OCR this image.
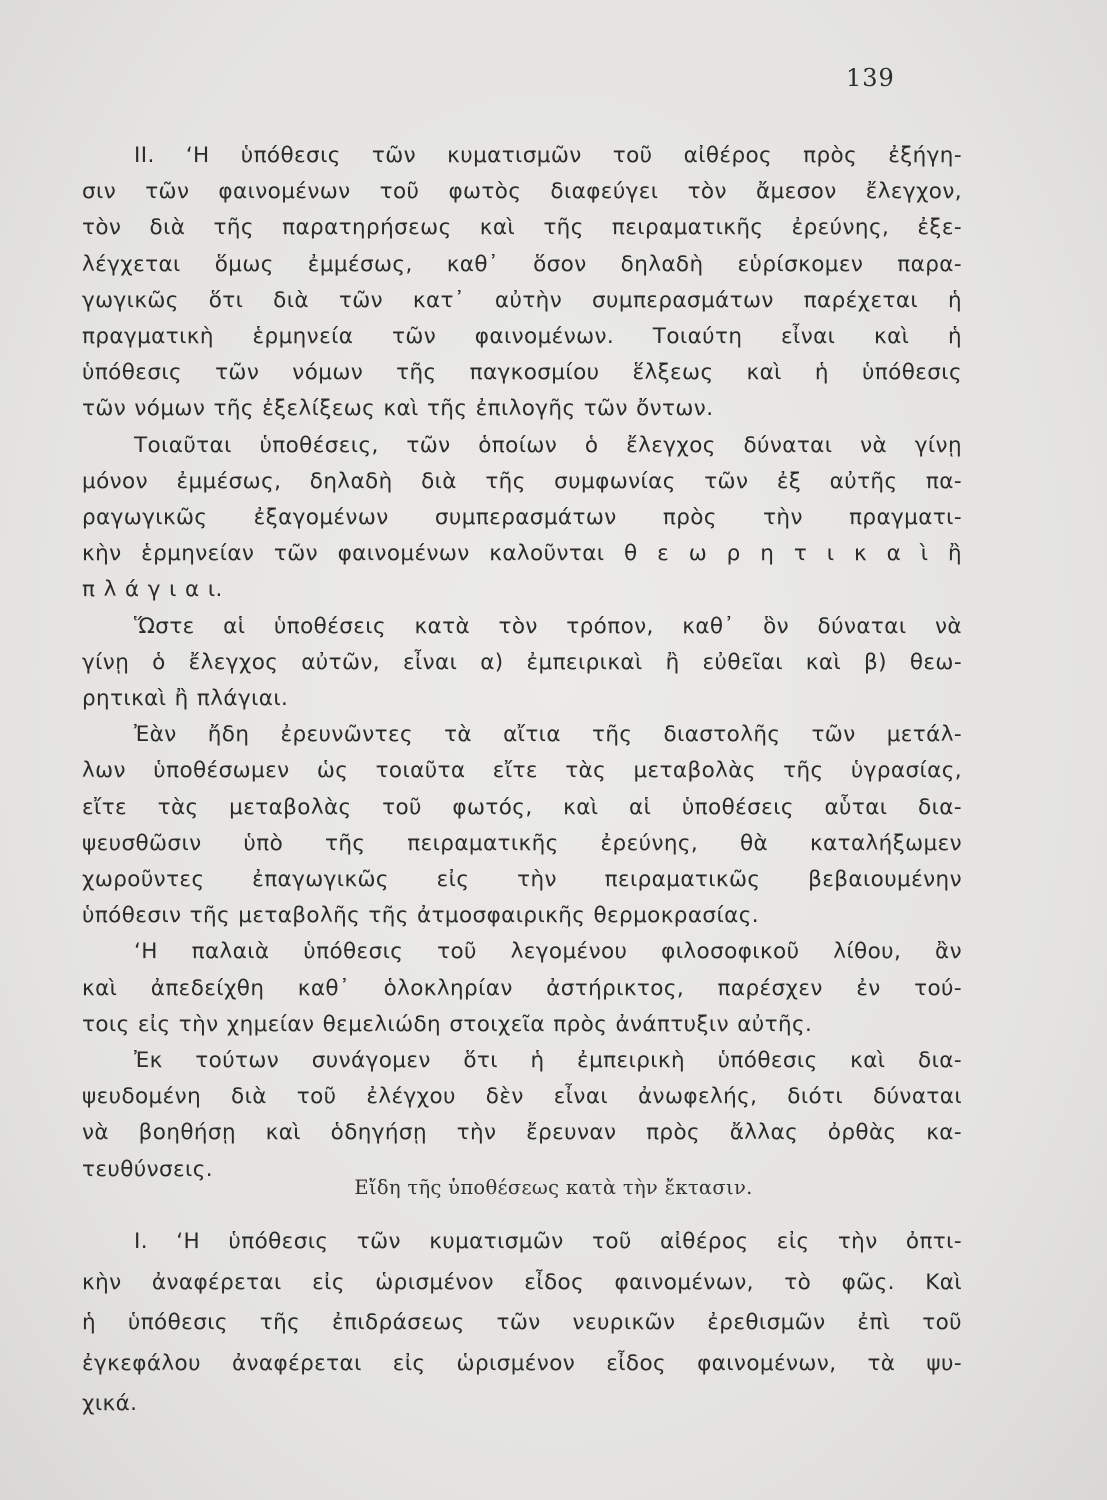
139
II. ‘Η ὑπόθεσις τῶν κυματισμῶν τοῦ αἰθέρος πρὸς ἐξήγη-
σιν τῶν φαινομένων τοῦ φωτὸς διαφεύγει τὸν ἄμεσον ἔλεγχον,
τὸν διὰ τῆς παρατηρήσεως καὶ τῆς πειραματικῆς ἐρεύνης, ἐξε-
λέγχεται ὅμως ἐμμέσως, καθ᾽ ὅσον δηλαδὴ εὑρίσκομεν παρα-
γωγικῶς ὅτι διὰ τῶν κατ᾽ αὐτὴν συμπερασμάτων παρέχεται ἡ
πραγματικὴ ἑρμηνεία τῶν φαινομένων. Τοιαύτη εἶναι καὶ ἡ
ὑπόθεσις τῶν νόμων τῆς παγκοσμίου ἕλξεως καὶ ἡ ὑπόθεσις
τῶν νόμων τῆς ἐξελίξεως καὶ τῆς ἐπιλογῆς τῶν ὄντων.
Τοιαῦται ὑποθέσεις, τῶν ὁποίων ὁ ἔλεγχος δύναται νὰ γίνῃ
μόνον ἐμμέσως, δηλαδὴ διὰ τῆς συμφωνίας τῶν ἐξ αὐτῆς πα-
ραγωγικῶς ἐξαγομένων συμπερασμάτων πρὸς τὴν πραγματι-
κὴν ἑρμηνείαν τῶν φαινομένων καλοῦνται θ ε ω ρ η τ ι κ α ὶ ἢ
π λ ά γ ι α ι.
Ὥστε αἱ ὑποθέσεις κατὰ τὸν τρόπον, καθ᾽ ὃν δύναται νὰ
γίνῃ ὁ ἔλεγχος αὐτῶν, εἶναι α) ἐμπειρικαὶ ἢ εὐθεῖαι καὶ β) θεω-
ρητικαὶ ἢ πλάγιαι.
Ἐὰν ἤδη ἐρευνῶντες τὰ αἴτια τῆς διαστολῆς τῶν μετάλ-
λων ὑποθέσωμεν ὡς τοιαῦτα εἴτε τὰς μεταβολὰς τῆς ὑγρασίας,
εἴτε τὰς μεταβολὰς τοῦ φωτός, καὶ αἱ ὑποθέσεις αὗται δια-
ψευσθῶσιν ὑπὸ τῆς πειραματικῆς ἐρεύνης, θὰ καταλήξωμεν
χωροῦντες ἐπαγωγικῶς εἰς τὴν πειραματικῶς βεβαιουμένην
ὑπόθεσιν τῆς μεταβολῆς τῆς ἀτμοσφαιρικῆς θερμοκρασίας.
‘Η παλαιὰ ὑπόθεσις τοῦ λεγομένου φιλοσοφικοῦ λίθου, ἂν
καὶ ἀπεδείχθη καθ᾽ ὁλοκληρίαν ἀστήρικτος, παρέσχεν ἐν τού-
τοις εἰς τὴν χημείαν θεμελιώδη στοιχεῖα πρὸς ἀνάπτυξιν αὐτῆς.
Ἐκ τούτων συνάγομεν ὅτι ἡ ἐμπειρικὴ ὑπόθεσις καὶ δια-
ψευδομένη διὰ τοῦ ἐλέγχου δὲν εἶναι ἀνωφελής, διότι δύναται
νὰ βοηθήσῃ καὶ ὁδηγήσῃ τὴν ἔρευναν πρὸς ἄλλας ὀρθὰς κα-
τευθύνσεις.
Εἴδη τῆς ὑποθέσεως κατὰ τὴν ἔκτασιν.
I. ‘Η ὑπόθεσις τῶν κυματισμῶν τοῦ αἰθέρος εἰς τὴν ὀπτι-
κὴν ἀναφέρεται εἰς ὡρισμένον εἶδος φαινομένων, τὸ φῶς. Καὶ
ἡ ὑπόθεσις τῆς ἐπιδράσεως τῶν νευρικῶν ἐρεθισμῶν ἐπὶ τοῦ
ἐγκεφάλου ἀναφέρεται εἰς ὡρισμένον εἶδος φαινομένων, τὰ ψυ-
χικά.
